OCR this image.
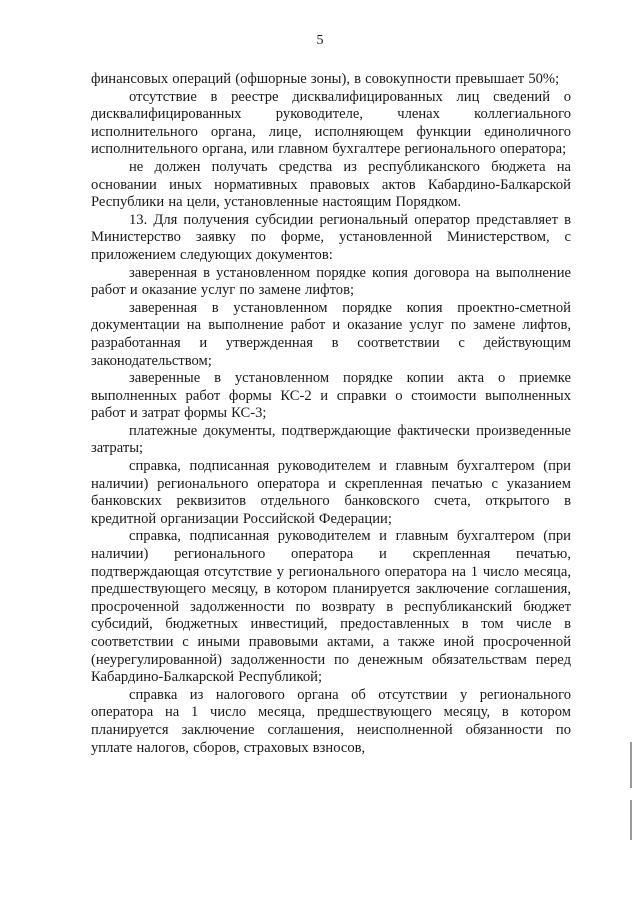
5

финансовых операций (офшорные зоны), в совокупности превышает 50%;

отсутствие в реестре дисквалифицированных лиц сведений о дисквалифицированных руководителе, членах коллегиального исполнительного органа, лице, исполняющем функции единоличного исполнительного органа, или главном бухгалтере регионального оператора;

не должен получать средства из республиканского бюджета на основании иных нормативных правовых актов Кабардино-Балкарской Республики на цели, установленные настоящим Порядком.

13. Для получения субсидии региональный оператор представляет в Министерство заявку по форме, установленной Министерством, с приложением следующих документов:

заверенная в установленном порядке копия договора на выполнение работ и оказание услуг по замене лифтов;

заверенная в установленном порядке копия проектно-сметной документации на выполнение работ и оказание услуг по замене лифтов, разработанная и утвержденная в соответствии с действующим законодательством;

заверенные в установленном порядке копии акта о приемке выполненных работ формы КС-2 и справки о стоимости выполненных работ и затрат формы КС-3;

платежные документы, подтверждающие фактически произведенные затраты;

справка, подписанная руководителем и главным бухгалтером (при наличии) регионального оператора и скрепленная печатью с указанием банковских реквизитов отдельного банковского счета, открытого в кредитной организации Российской Федерации;

справка, подписанная руководителем и главным бухгалтером (при наличии) регионального оператора и скрепленная печатью, подтверждающая отсутствие у регионального оператора на 1 число месяца, предшествующего месяцу, в котором планируется заключение соглашения, просроченной задолженности по возврату в республиканский бюджет субсидий, бюджетных инвестиций, предоставленных в том числе в соответствии с иными правовыми актами, а также иной просроченной (неурегулированной) задолженности по денежным обязательствам перед Кабардино-Балкарской Республикой;

справка из налогового органа об отсутствии у регионального оператора на 1 число месяца, предшествующего месяцу, в котором планируется заключение соглашения, неисполненной обязанности по уплате налогов, сборов, страховых взносов,
